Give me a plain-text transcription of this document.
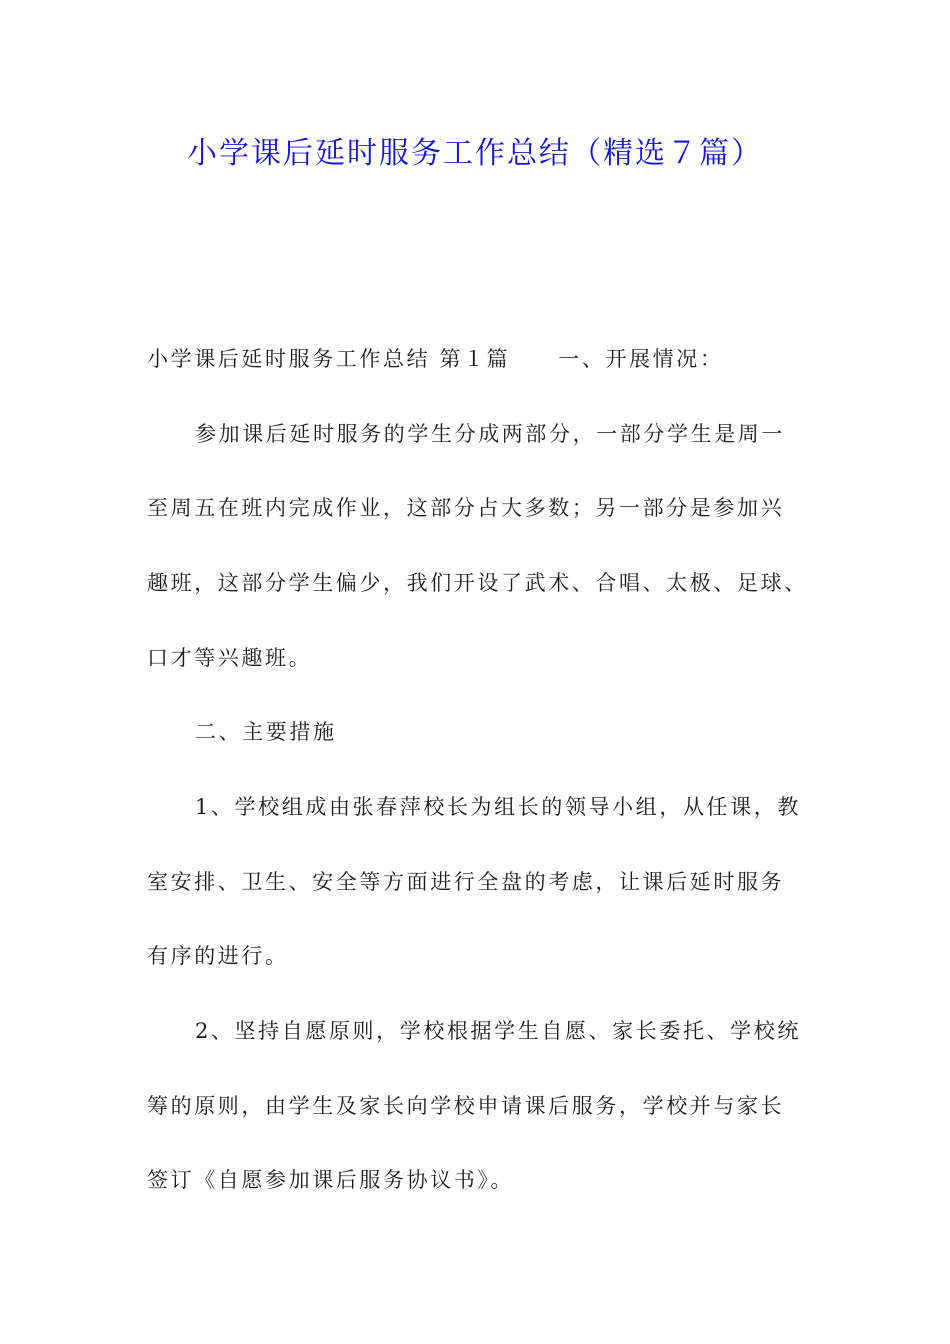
小学课后延时服务工作总结（精选７篇）
小学课后延时服务工作总结 第１篇 一、开展情况：
参加课后延时服务的学生分成两部分，一部分学生是周一
至周五在班内完成作业，这部分占大多数；另一部分是参加兴
趣班，这部分学生偏少，我们开设了武术、合唱、太极、足球、
口才等兴趣班。
二、主要措施
1、学校组成由张春萍校长为组长的领导小组，从任课，教
室安排、卫生、安全等方面进行全盘的考虑，让课后延时服务
有序的进行。
2、坚持自愿原则，学校根据学生自愿、家长委托、学校统
筹的原则，由学生及家长向学校申请课后服务，学校并与家长
签订《自愿参加课后服务协议书》。
